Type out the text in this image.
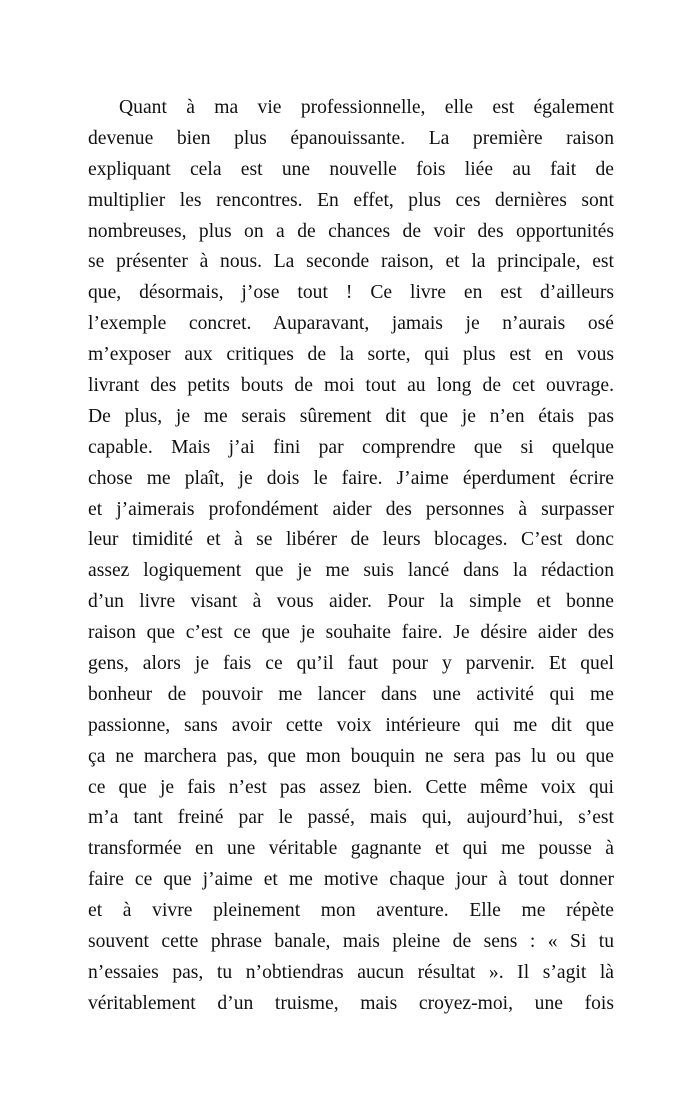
Quant à ma vie professionnelle, elle est également
devenue bien plus épanouissante. La première raison
expliquant cela est une nouvelle fois liée au fait de
multiplier les rencontres. En effet, plus ces dernières sont
nombreuses, plus on a de chances de voir des opportunités
se présenter à nous. La seconde raison, et la principale, est
que, désormais, j’ose tout ! Ce livre en est d’ailleurs
l’exemple concret. Auparavant, jamais je n’aurais osé
m’exposer aux critiques de la sorte, qui plus est en vous
livrant des petits bouts de moi tout au long de cet ouvrage.
De plus, je me serais sûrement dit que je n’en étais pas
capable. Mais j’ai fini par comprendre que si quelque
chose me plaît, je dois le faire. J’aime éperdument écrire
et j’aimerais profondément aider des personnes à surpasser
leur timidité et à se libérer de leurs blocages. C’est donc
assez logiquement que je me suis lancé dans la rédaction
d’un livre visant à vous aider. Pour la simple et bonne
raison que c’est ce que je souhaite faire. Je désire aider des
gens, alors je fais ce qu’il faut pour y parvenir. Et quel
bonheur de pouvoir me lancer dans une activité qui me
passionne, sans avoir cette voix intérieure qui me dit que
ça ne marchera pas, que mon bouquin ne sera pas lu ou que
ce que je fais n’est pas assez bien. Cette même voix qui
m’a tant freiné par le passé, mais qui, aujourd’hui, s’est
transformée en une véritable gagnante et qui me pousse à
faire ce que j’aime et me motive chaque jour à tout donner
et à vivre pleinement mon aventure. Elle me répète
souvent cette phrase banale, mais pleine de sens : « Si tu
n’essaies pas, tu n’obtiendras aucun résultat ». Il s’agit là
véritablement d’un truisme, mais croyez-moi, une fois
